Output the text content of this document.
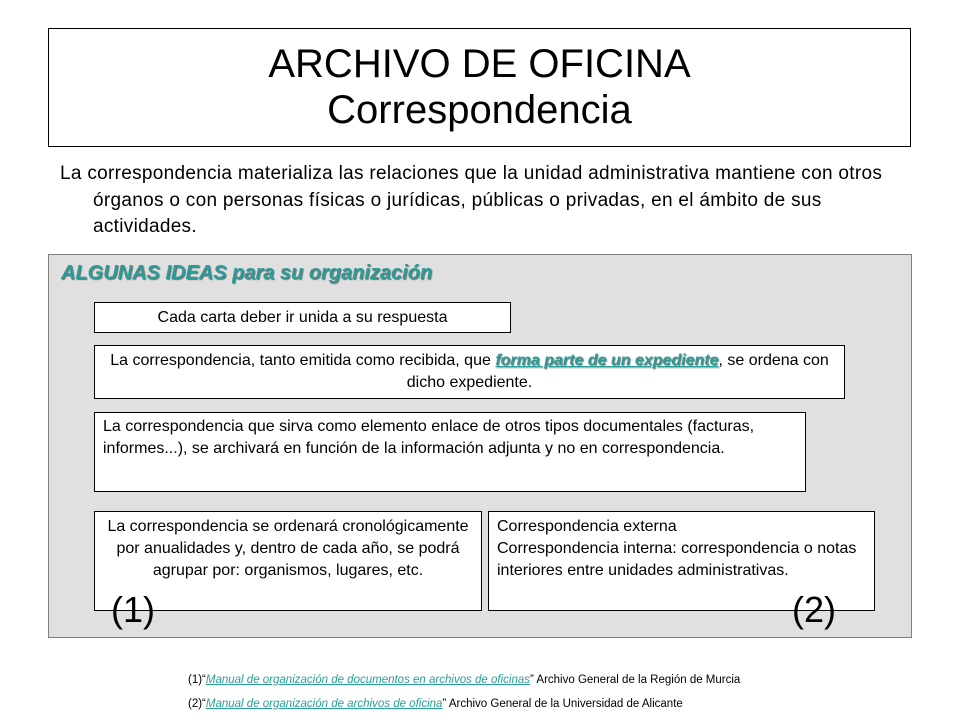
ARCHIVO DE OFICINA
Correspondencia
La correspondencia materializa las relaciones que la unidad administrativa mantiene con otros órganos o con personas físicas o jurídicas, públicas o privadas, en el ámbito de sus actividades.
ALGUNAS IDEAS para su organización
Cada carta deber ir unida a su respuesta
La correspondencia, tanto emitida como recibida, que forma parte de un expediente, se ordena con dicho expediente.
La correspondencia que sirva como elemento enlace de otros tipos documentales (facturas, informes...), se archivará en función de la información adjunta y no en correspondencia.
La correspondencia se ordenará cronológicamente por anualidades y, dentro de cada año, se podrá agrupar por: organismos, lugares, etc.
Correspondencia externa
Correspondencia interna: correspondencia o notas interiores entre unidades administrativas.
(1)	(2)
(1)“Manual de organización de documentos en archivos de oficinas” Archivo General de la Región de Murcia
(2)“Manual de organización de archivos de oficina” Archivo General de la Universidad de Alicante
